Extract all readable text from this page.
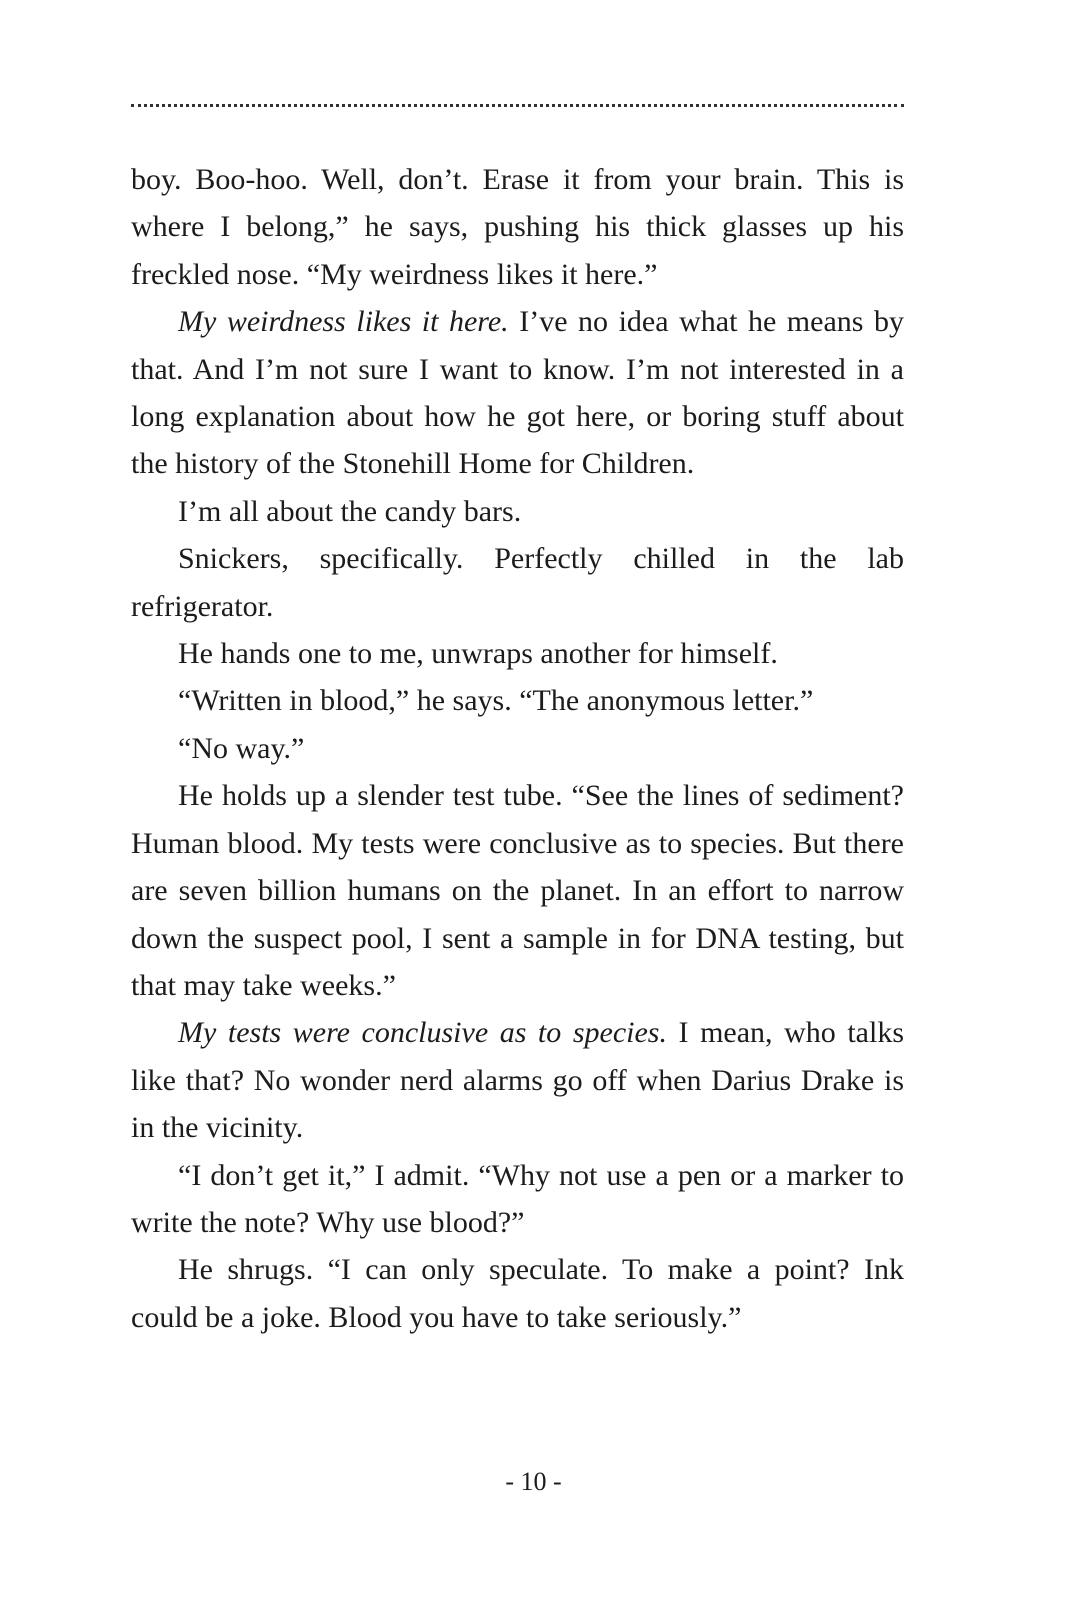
boy. Boo-hoo. Well, don’t. Erase it from your brain. This is where I belong,” he says, pushing his thick glasses up his freckled nose. “My weirdness likes it here.”

My weirdness likes it here. I’ve no idea what he means by that. And I’m not sure I want to know. I’m not interested in a long explanation about how he got here, or boring stuff about the history of the Stonehill Home for Children.

I’m all about the candy bars.

Snickers, specifically. Perfectly chilled in the lab refrigerator.

He hands one to me, unwraps another for himself.

“Written in blood,” he says. “The anonymous letter.”

“No way.”

He holds up a slender test tube. “See the lines of sediment? Human blood. My tests were conclusive as to species. But there are seven billion humans on the planet. In an effort to narrow down the suspect pool, I sent a sample in for DNA testing, but that may take weeks.”

My tests were conclusive as to species. I mean, who talks like that? No wonder nerd alarms go off when Darius Drake is in the vicinity.

“I don’t get it,” I admit. “Why not use a pen or a marker to write the note? Why use blood?”

He shrugs. “I can only speculate. To make a point? Ink could be a joke. Blood you have to take seriously.”

- 10 -
